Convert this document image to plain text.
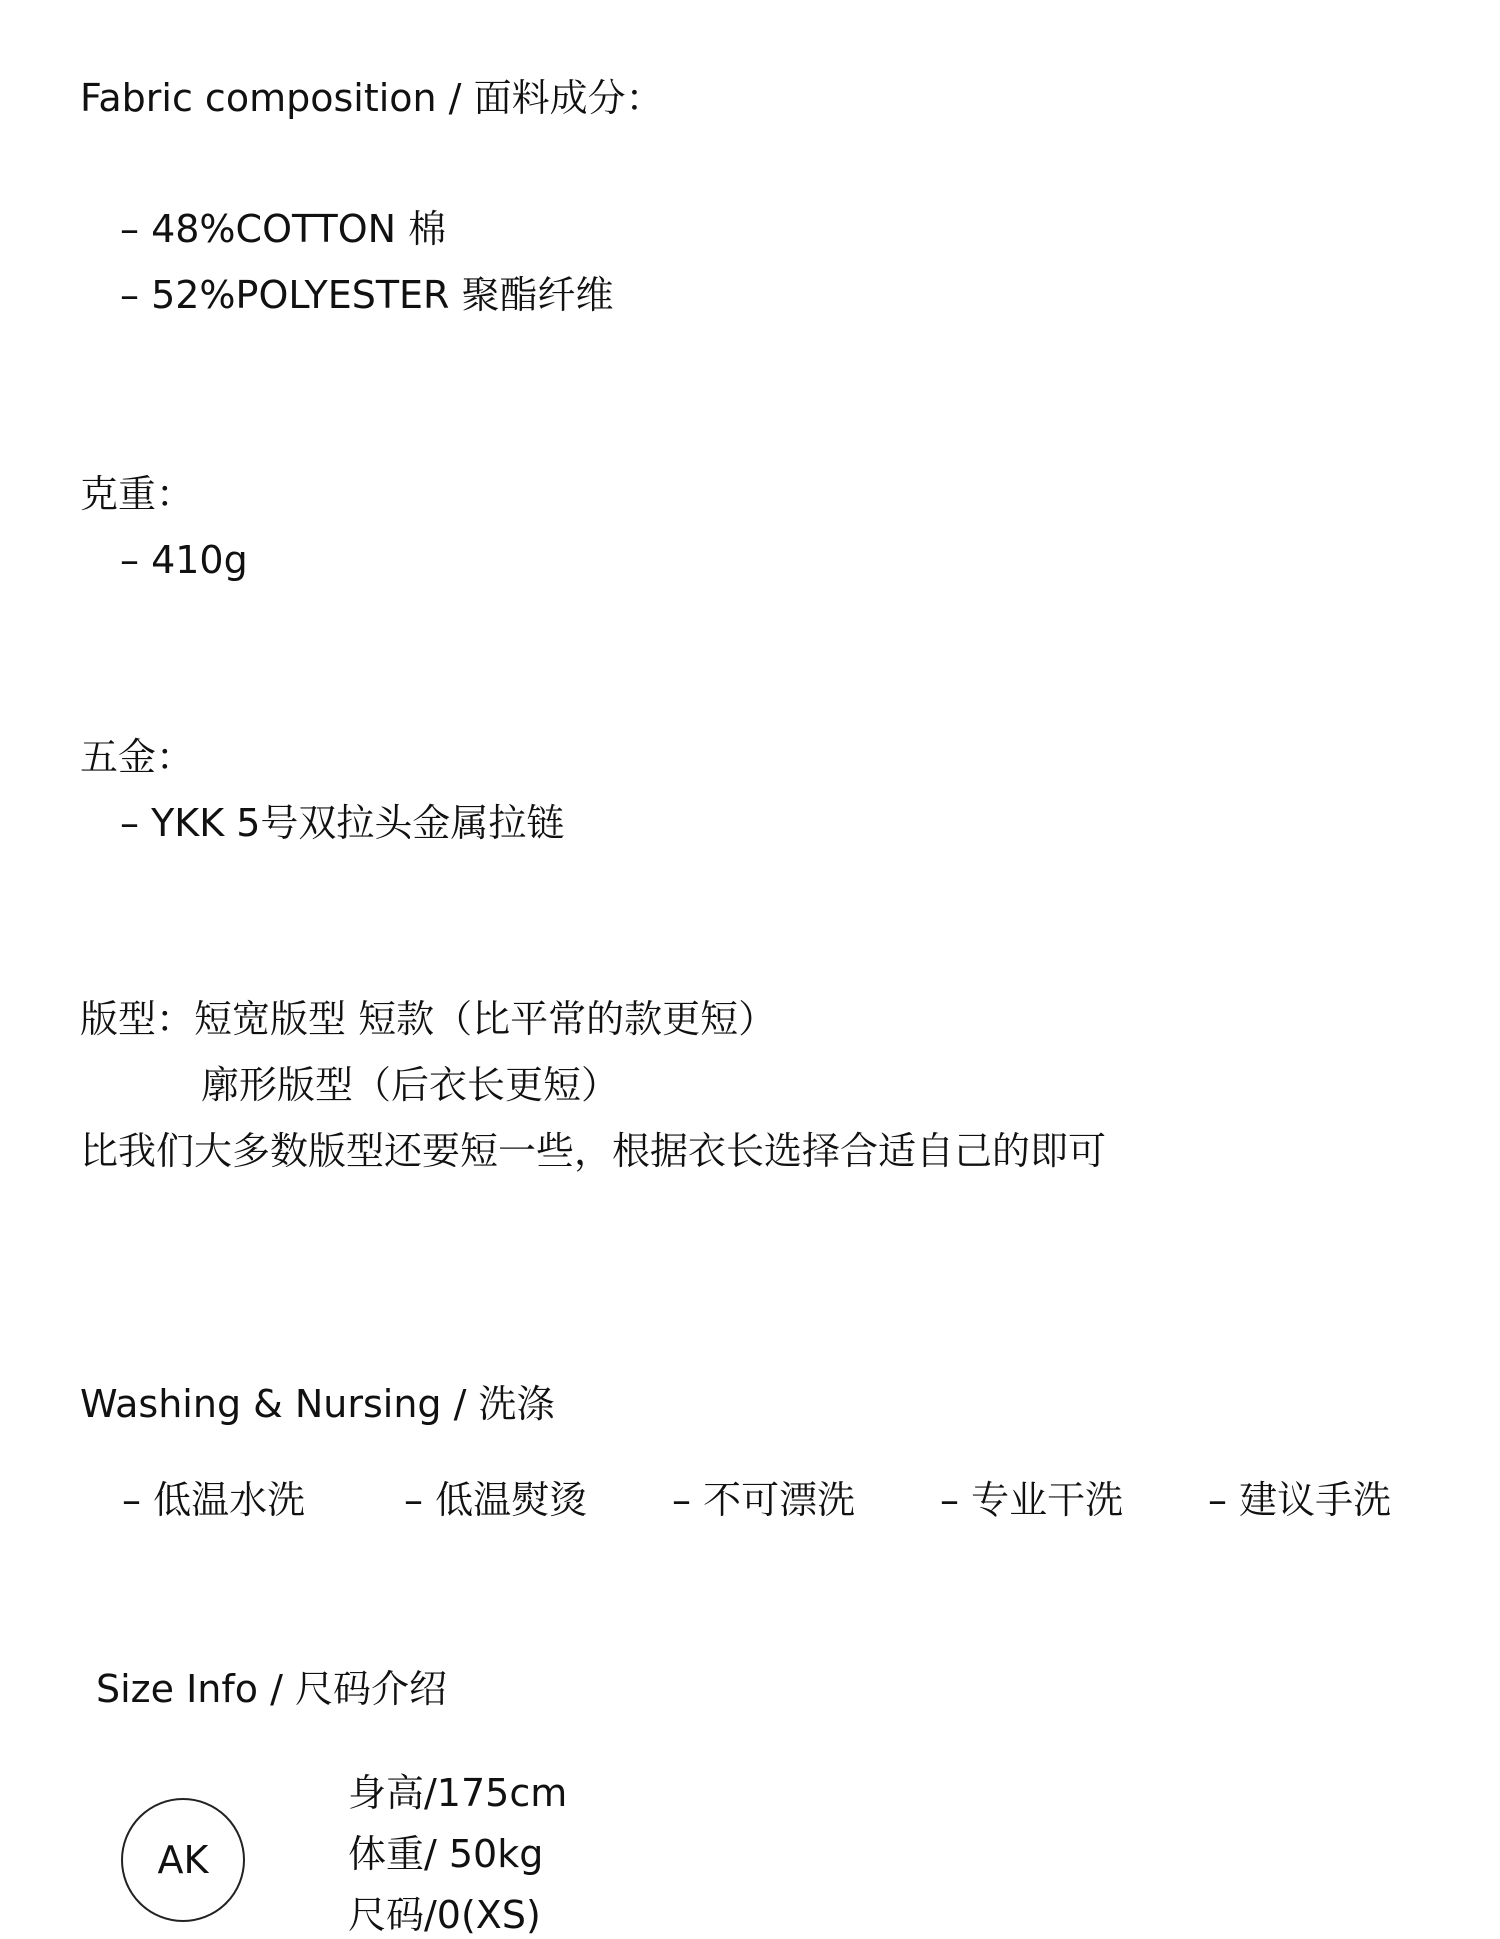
Fabric composition / 面料成分：
– 48%COTTON 棉
– 52%POLYESTER 聚酯纤维
克重：
– 410g
五金：
– YKK 5号双拉头金属拉链
版型：短宽版型 短款（比平常的款更短）
廓形版型（后衣长更短）
比我们大多数版型还要短一些，根据衣长选择合适自己的即可
Washing & Nursing / 洗涤
– 低温水洗	– 低温熨烫 – 不可漂洗 – 专业干洗 – 建议手洗
Size Info / 尺码介绍
AK
身高/175cm
体重/ 50kg
尺码/0(XS)
